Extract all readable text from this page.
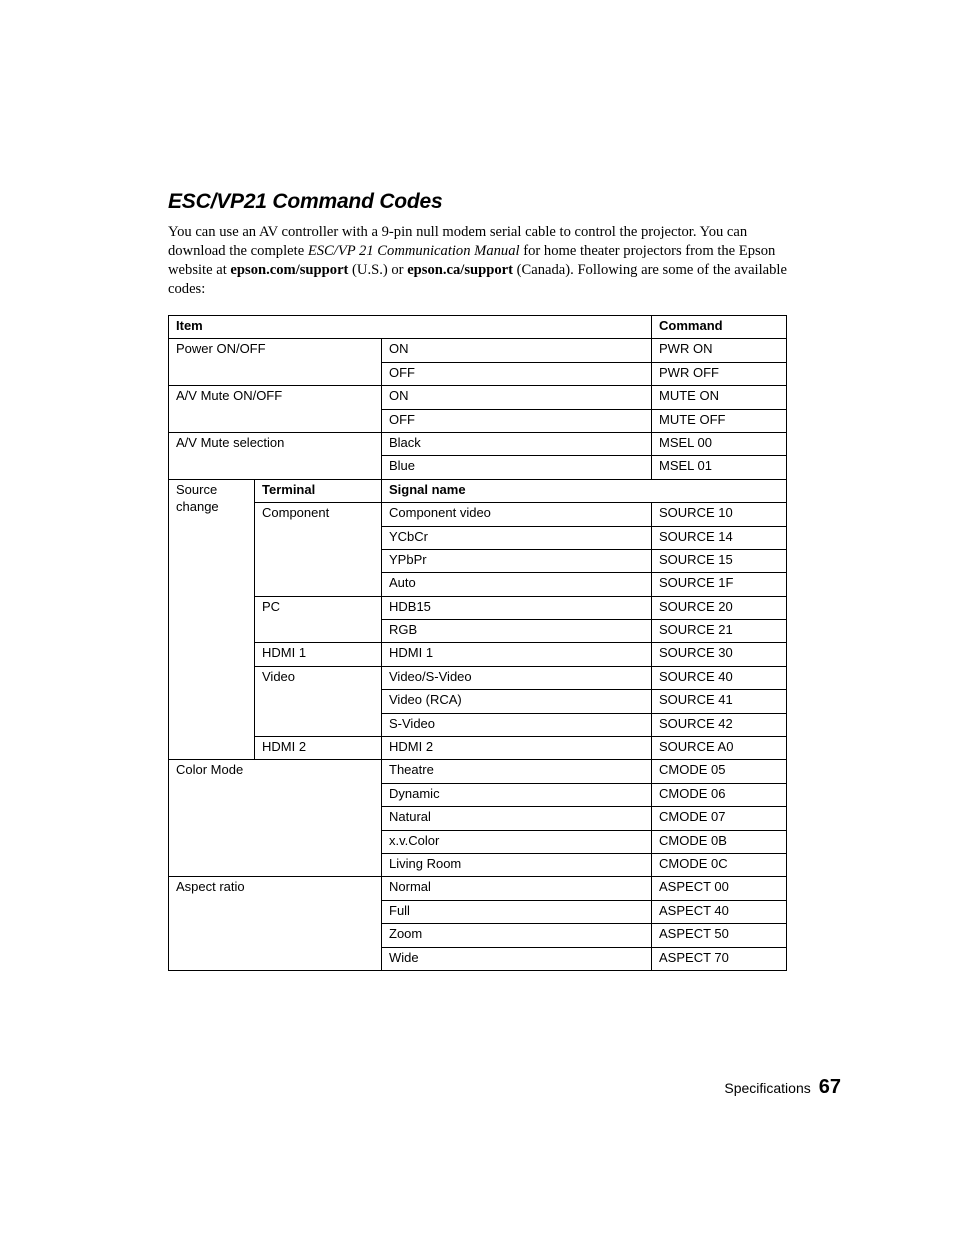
ESC/VP21 Command Codes

You can use an AV controller with a 9-pin null modem serial cable to control the projector. You can download the complete ESC/VP 21 Communication Manual for home theater projectors from the Epson website at epson.com/support (U.S.) or epson.ca/support (Canada). Following are some of the available codes:

Item			Command
Power ON/OFF		ON	PWR ON
		OFF	PWR OFF
A/V Mute ON/OFF		ON	MUTE ON
		OFF	MUTE OFF
A/V Mute selection		Black	MSEL 00
		Blue	MSEL 01
Source change	Terminal	Signal name	
	Component	Component video	SOURCE 10
		YCbCr	SOURCE 14
		YPbPr	SOURCE 15
		Auto	SOURCE 1F
	PC	HDB15	SOURCE 20
		RGB	SOURCE 21
	HDMI 1	HDMI 1	SOURCE 30
	Video	Video/S-Video	SOURCE 40
		Video (RCA)	SOURCE 41
		S-Video	SOURCE 42
	HDMI 2	HDMI 2	SOURCE A0
Color Mode		Theatre	CMODE 05
		Dynamic	CMODE 06
		Natural	CMODE 07
		x.v.Color	CMODE 0B
		Living Room	CMODE 0C
Aspect ratio		Normal	ASPECT 00
		Full	ASPECT 40
		Zoom	ASPECT 50
		Wide	ASPECT 70
Specifications 67
